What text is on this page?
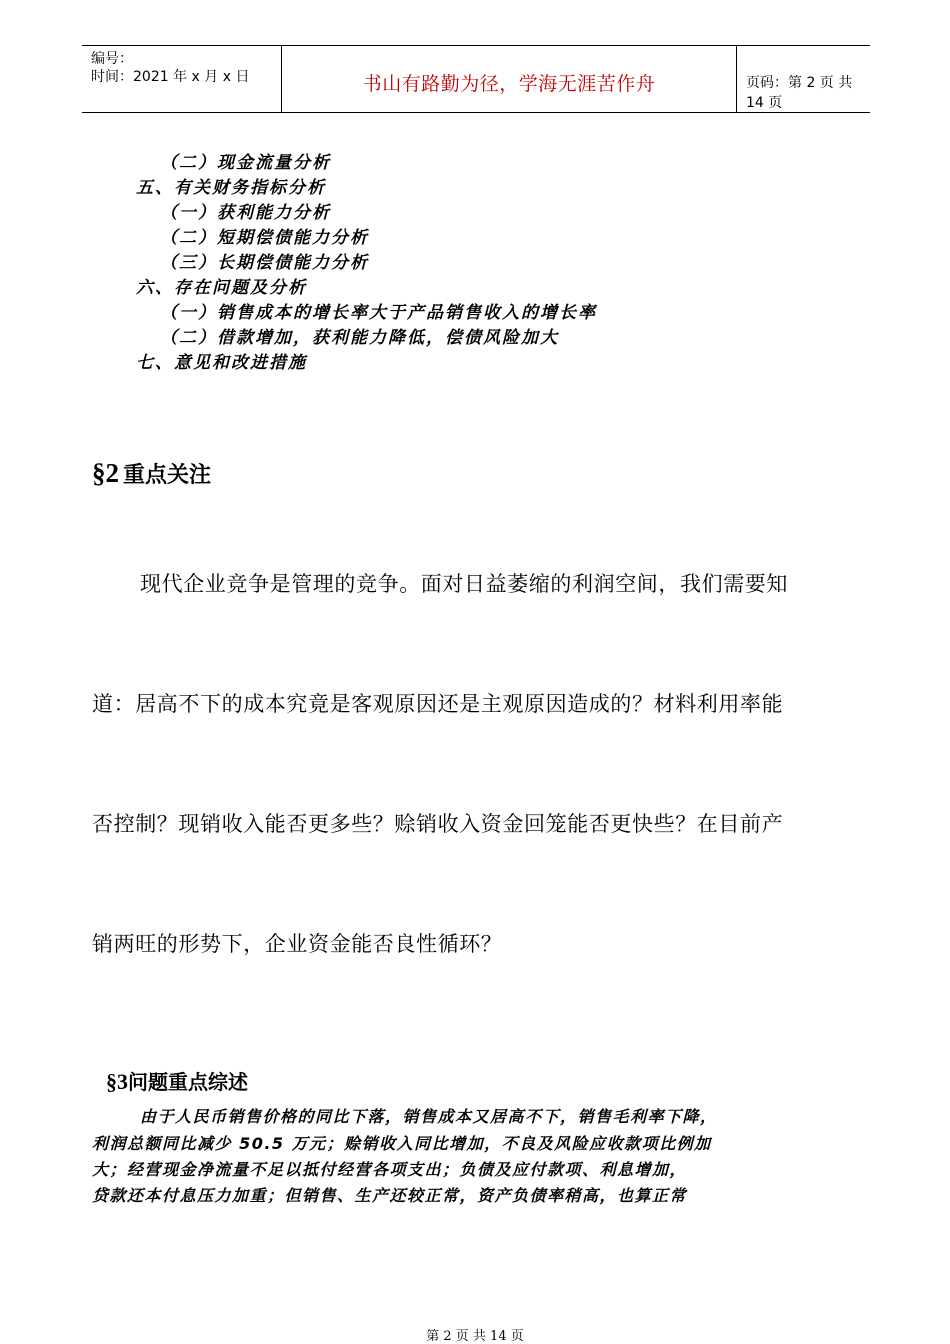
编号：
时间：2021 年 x 月 x 日	书山有路勤为径，学海无涯苦作舟	页码：第 2 页 共 14 页
（二）现金流量分析
五、有关财务指标分析
（一）获利能力分析
（二）短期偿债能力分析
（三）长期偿债能力分析
六、存在问题及分析
（一）销售成本的增长率大于产品销售收入的增长率
（二）借款增加，获利能力降低，偿债风险加大
七、意见和改进措施
§2 重点关注
现代企业竞争是管理的竞争。面对日益萎缩的利润空间，我们需要知
道：居高不下的成本究竟是客观原因还是主观原因造成的？材料利用率能
否控制？现销收入能否更多些？赊销收入资金回笼能否更快些？在目前产
销两旺的形势下，企业资金能否良性循环？
§3问题重点综述
由于人民币销售价格的同比下落，销售成本又居高不下，销售毛利率下降，
利润总额同比减少 50.5 万元；赊销收入同比增加，不良及风险应收款项比例加
大；经营现金净流量不足以抵付经营各项支出；负债及应付款项、利息增加，
贷款还本付息压力加重；但销售、生产还较正常，资产负债率稍高，也算正常
第 2 页 共 14 页
